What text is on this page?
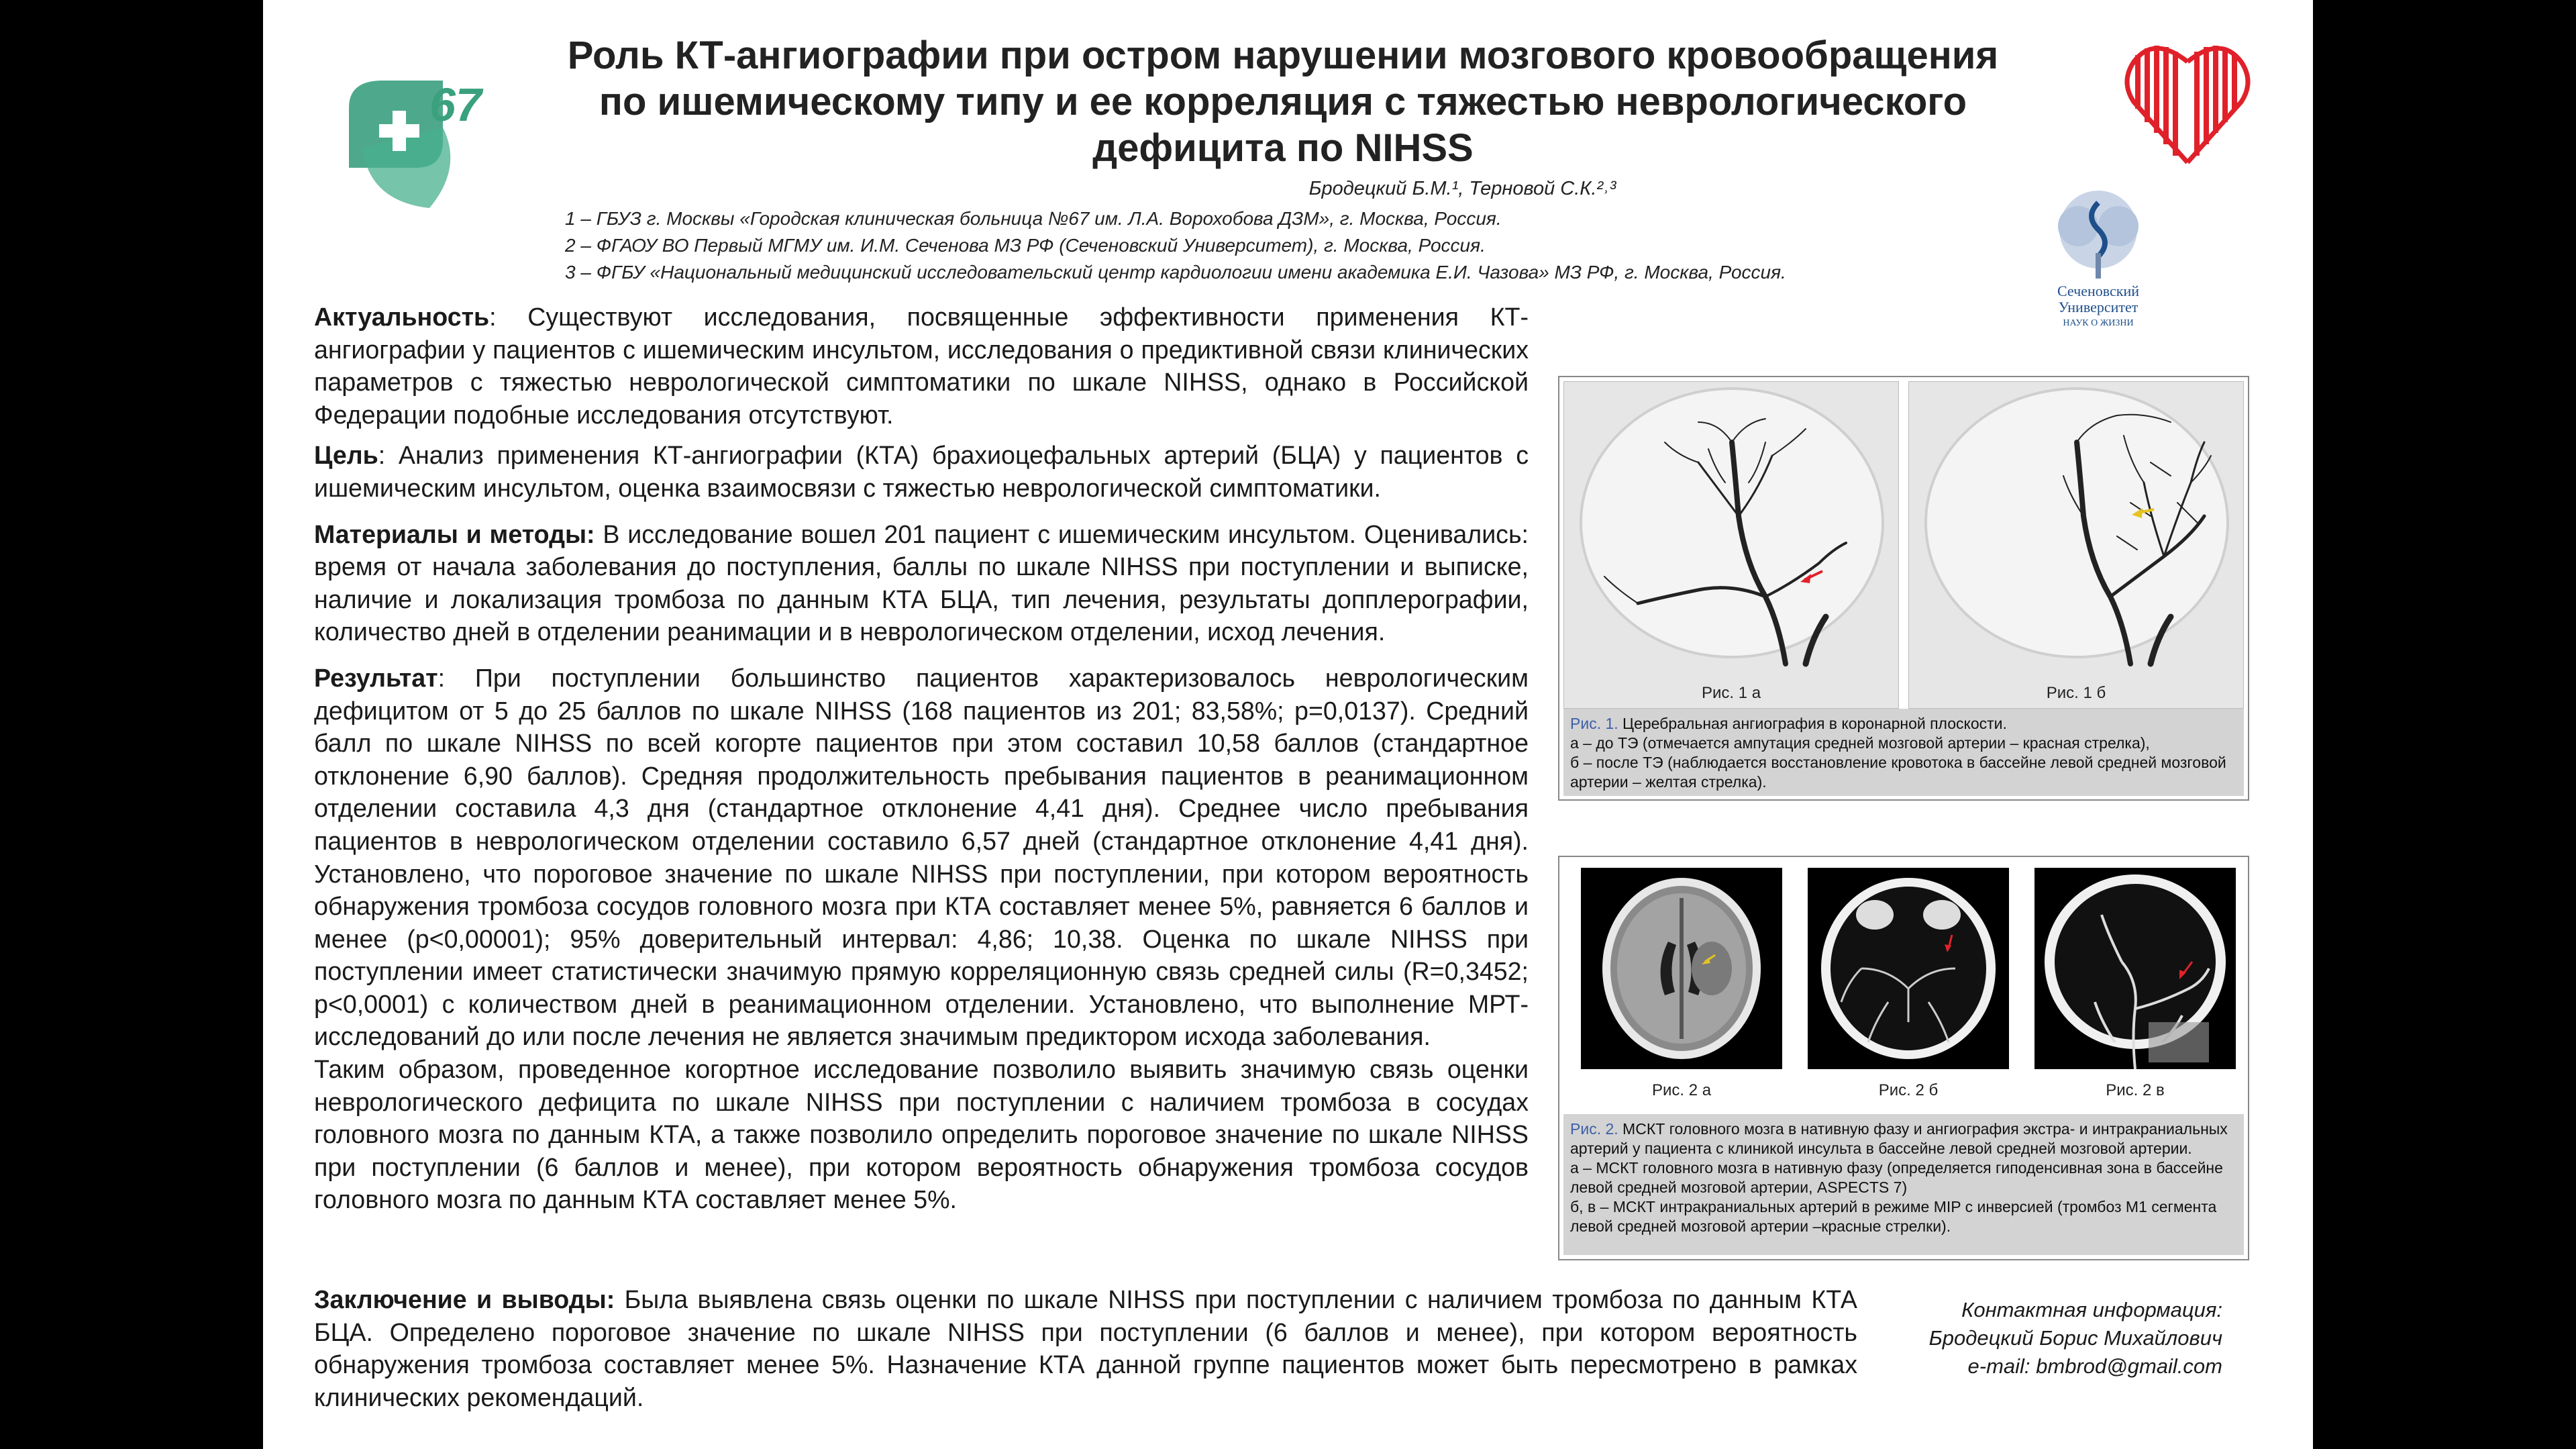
67
Роль КТ-ангиографии при остром нарушении мозгового кровообращения
по ишемическому типу и ее корреляция с тяжестью неврологического
дефицита по NIHSS
Сеченовский
Университет
НАУК О ЖИЗНИ
Бродецкий Б.М.¹, Терновой С.К.²˒³
1 – ГБУЗ г. Москвы «Городская клиническая больница №67 им. Л.А. Ворохобова ДЗМ», г. Москва, Россия.
2 – ФГАОУ ВО Первый МГМУ им. И.М. Сеченова МЗ РФ (Сеченовский Университет), г. Москва, Россия.
3 – ФГБУ «Национальный медицинский исследовательский центр кардиологии имени академика Е.И. Чазова» МЗ РФ, г. Москва, Россия.

Актуальность: Существуют исследования, посвященные эффективности применения КТ-ангиографии у пациентов с ишемическим инсультом, исследования о предиктивной связи клинических параметров с тяжестью неврологической симптоматики по шкале NIHSS, однако в Российской Федерации подобные исследования отсутствуют.

Цель: Анализ применения КТ-ангиографии (КТА) брахиоцефальных артерий (БЦА) у пациентов с ишемическим инсультом, оценка взаимосвязи с тяжестью неврологической симптоматики.

Материалы и методы: В исследование вошел 201 пациент с ишемическим инсультом. Оценивались: время от начала заболевания до поступления, баллы по шкале NIHSS при поступлении и выписке, наличие и локализация тромбоза по данным КТА БЦА, тип лечения, результаты допплерографии, количество дней в отделении реанимации и в неврологическом отделении, исход лечения.

Результат: При поступлении большинство пациентов характеризовалось неврологическим дефицитом от 5 до 25 баллов по шкале NIHSS (168 пациентов из 201; 83,58%; p=0,0137). Средний балл по шкале NIHSS по всей когорте пациентов при этом составил 10,58 баллов (стандартное отклонение 6,90 баллов). Средняя продолжительность пребывания пациентов в реанимационном отделении составила 4,3 дня (стандартное отклонение 4,41 дня). Среднее число пребывания пациентов в неврологическом отделении составило 6,57 дней (стандартное отклонение 4,41 дня). Установлено, что пороговое значение по шкале NIHSS при поступлении, при котором вероятность обнаружения тромбоза сосудов головного мозга при КТА составляет менее 5%, равняется 6 баллов и менее (p<0,00001); 95% доверительный интервал: 4,86; 10,38. Оценка по шкале NIHSS при поступлении имеет статистически значимую прямую корреляционную связь средней силы (R=0,3452; p<0,0001) с количеством дней в реанимационном отделении. Установлено, что выполнение МРТ-исследований до или после лечения не является значимым предиктором исхода заболевания.

Таким образом, проведенное когортное исследование позволило выявить значимую связь оценки неврологического дефицита по шкале NIHSS при поступлении с наличием тромбоза в сосудах головного мозга по данным КТА, а также позволило определить пороговое значение по шкале NIHSS при поступлении (6 баллов и менее), при котором вероятность обнаружения тромбоза сосудов головного мозга по данным КТА составляет менее 5%.

Заключение и выводы: Была выявлена связь оценки по шкале NIHSS при поступлении с наличием тромбоза по данным КТА БЦА. Определено пороговое значение по шкале NIHSS при поступлении (6 баллов и менее), при котором вероятность обнаружения тромбоза составляет менее 5%. Назначение КТА данной группе пациентов может быть пересмотрено в рамках клинических рекомендаций.
Контактная информация:
Бродецкий Борис Михайлович
e-mail: bmbrod@gmail.com
Рис. 1 а	Рис. 1 б
Рис. 1. Церебральная ангиография в коронарной плоскости.
а – до ТЭ (отмечается ампутация средней мозговой артерии – красная стрелка),
б – после ТЭ (наблюдается восстановление кровотока в бассейне левой средней мозговой артерии – желтая стрелка).
Рис. 2 а	Рис. 2 б	Рис. 2 в
Рис. 2. МСКТ головного мозга в нативную фазу и ангиография экстра- и интракраниальных артерий у пациента с клиникой инсульта в бассейне левой средней мозговой артерии.
а – МСКТ головного мозга в нативную фазу (определяется гиподенсивная зона в бассейне левой средней мозговой артерии, ASPECTS 7)
б, в – МСКТ интракраниальных артерий в режиме MIP с инверсией (тромбоз М1 сегмента левой средней мозговой артерии –красные стрелки).
